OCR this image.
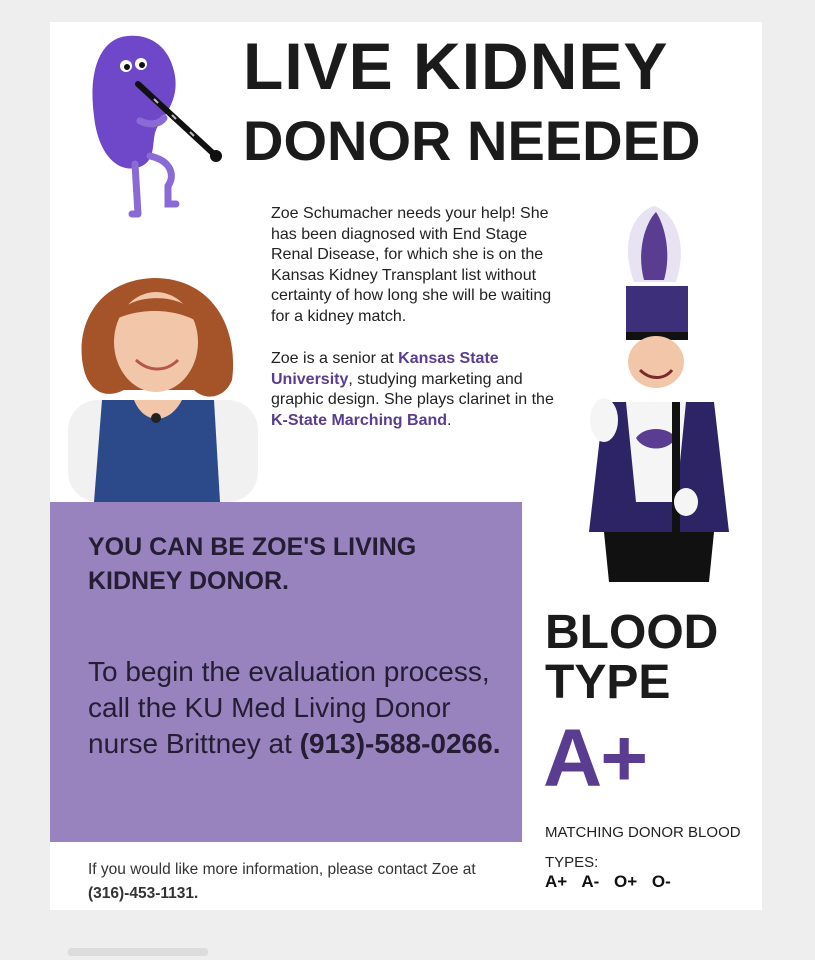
LIVE KIDNEY
DONOR NEEDED

Zoe Schumacher needs your help! She has been diagnosed with End Stage Renal Disease, for which she is on the Kansas Kidney Transplant list without certainty of how long she will be waiting for a kidney match.

Zoe is a senior at Kansas State University, studying marketing and graphic design. She plays clarinet in the K-State Marching Band.

YOU CAN BE ZOE'S LIVING KIDNEY DONOR.
To begin the evaluation process, call the KU Med Living Donor nurse Brittney at (913)-588-0266.
BLOOD
TYPE
A+
MATCHING DONOR BLOOD TYPES:
A+ A- O+ O-
If you would like more information, please contact Zoe at (316)-453-1131.
